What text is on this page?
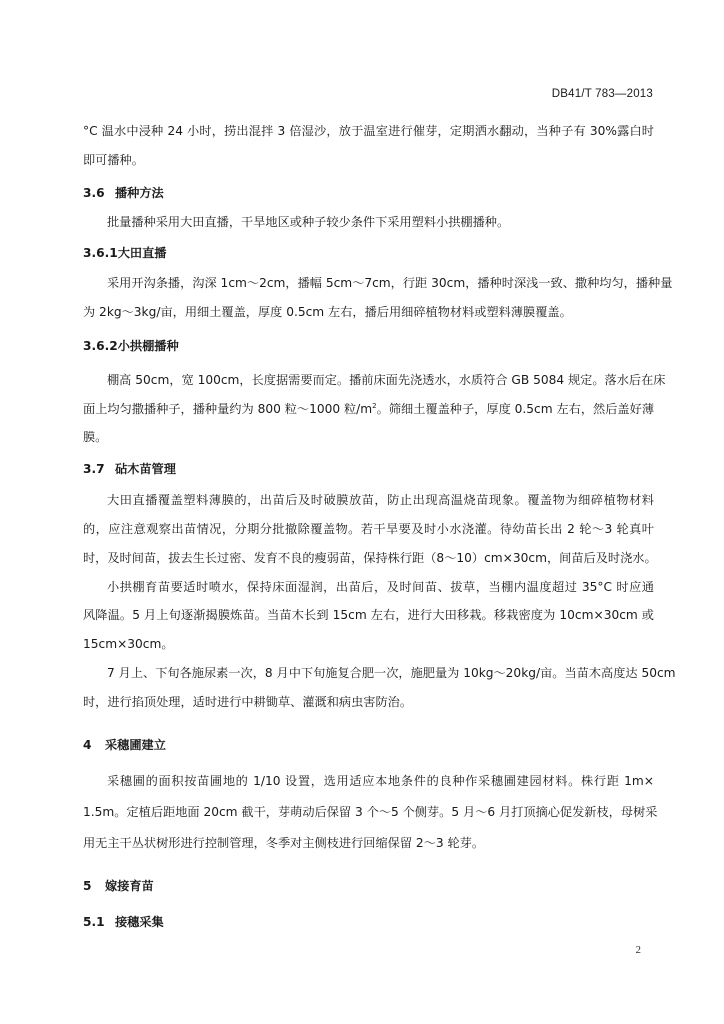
DB41/T 783—2013
°C 温水中浸种 24 小时，捞出混拌 3 倍湿沙，放于温室进行催芽，定期洒水翻动，当种子有 30%露白时
即可播种。
3.6 播种方法
批量播种采用大田直播，干旱地区或种子较少条件下采用塑料小拱棚播种。
3.6.1大田直播
采用开沟条播，沟深 1cm～2cm，播幅 5cm～7cm，行距 30cm，播种时深浅一致、撒种均匀，播种量
为 2kg～3kg/亩，用细土覆盖，厚度 0.5cm 左右，播后用细碎植物材料或塑料薄膜覆盖。
3.6.2小拱棚播种
棚高 50cm，宽 100cm，长度据需要而定。播前床面先浇透水，水质符合 GB 5084 规定。落水后在床
面上均匀撒播种子，播种量约为 800 粒～1000 粒$/m^2$。筛细土覆盖种子，厚度 0.5cm 左右，然后盖好薄
膜。
3.7 砧木苗管理
大田直播覆盖塑料薄膜的，出苗后及时破膜放苗，防止出现高温烧苗现象。覆盖物为细碎植物材料
的，应注意观察出苗情况，分期分批撤除覆盖物。若干旱要及时小水浇灌。待幼苗长出 2 轮～3 轮真叶
时，及时间苗，拔去生长过密、发育不良的瘦弱苗，保持株行距（8～10）cm×30cm，间苗后及时浇水。
小拱棚育苗要适时喷水，保持床面湿润，出苗后，及时间苗、拔草，当棚内温度超过 35°C 时应通
风降温。5 月上旬逐渐揭膜炼苗。当苗木长到 15cm 左右，进行大田移栽。移栽密度为 10cm×30cm 或
15cm×30cm。
7 月上、下旬各施尿素一次，8 月中下旬施复合肥一次，施肥量为 10kg～20kg/亩。当苗木高度达 50cm
时，进行掐顶处理，适时进行中耕锄草、灌溉和病虫害防治。
4 采穗圃建立
采穗圃的面积按苗圃地的 1/10 设置，选用适应本地条件的良种作采穗圃建园材料。株行距 1m×
1.5m。定植后距地面 20cm 截干，芽萌动后保留 3 个～5 个侧芽。5 月～6 月打顶摘心促发新枝，母树采
用无主干丛状树形进行控制管理，冬季对主侧枝进行回缩保留 2～3 轮芽。
5 嫁接育苗
5.1 接穗采集
2
